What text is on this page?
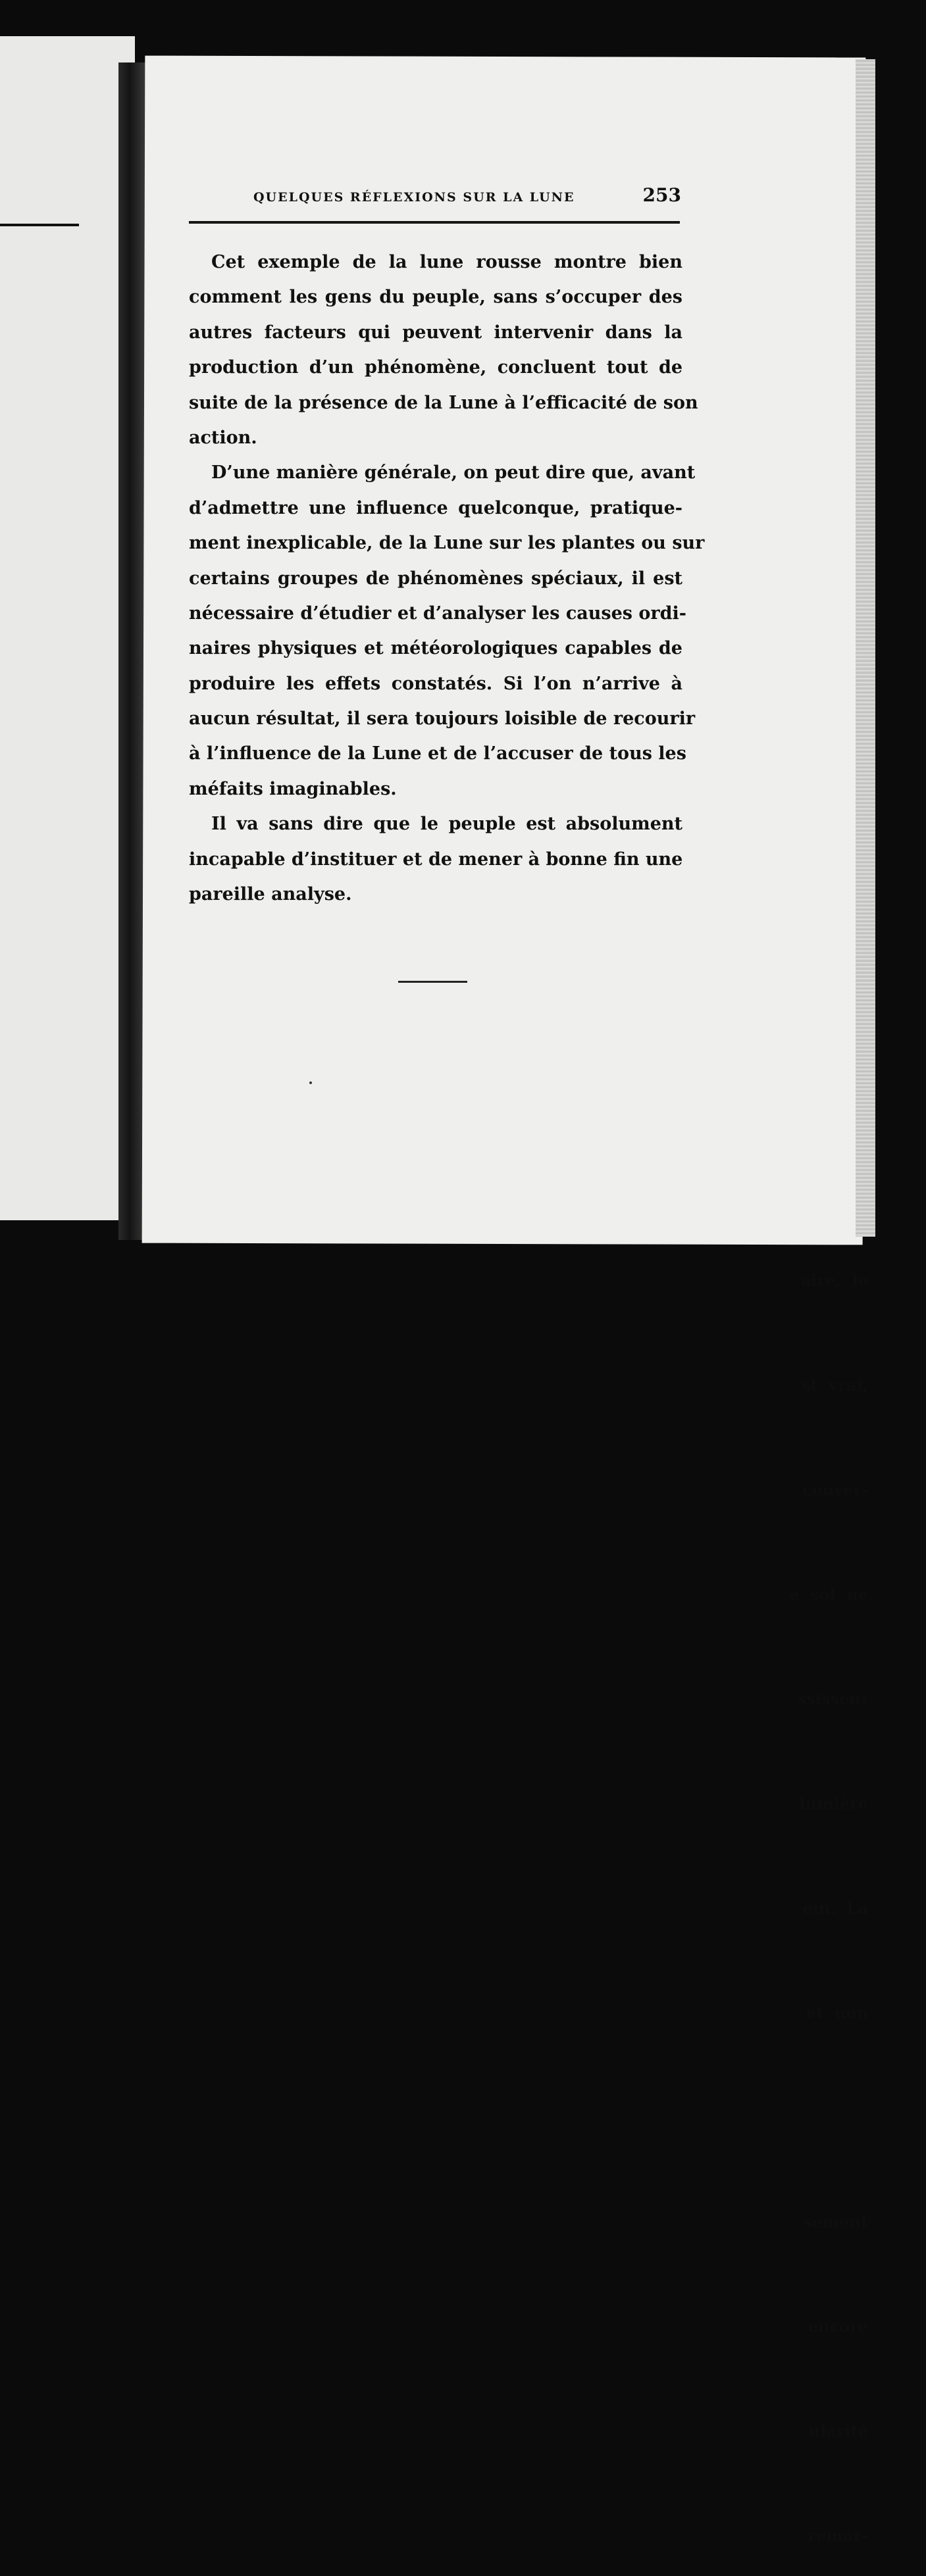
aire,  le

st  vrai,

couver-

e  sol  ne

ssissent

lumière

ein.  La

et  non

sement

encore

ularité

remar-

QUELQUES RÉFLEXIONS SUR LA LUNE	253
Cet exemple de la lune rousse montre bien
comment les gens du peuple, sans s’occuper des
autres facteurs qui peuvent intervenir dans la
production d’un phénomène, concluent tout de
suite de la présence de la Lune à l’efficacité de son
action.
D’une manière générale, on peut dire que, avant
d’admettre une influence quelconque, pratique-
ment inexplicable, de la Lune sur les plantes ou sur
certains groupes de phénomènes spéciaux, il est
nécessaire d’étudier et d’analyser les causes ordi-
naires physiques et météorologiques capables de
produire les effets constatés. Si l’on n’arrive à
aucun résultat, il sera toujours loisible de recourir
à l’influence de la Lune et de l’accuser de tous les
méfaits imaginables.
Il va sans dire que le peuple est absolument
incapable d’instituer et de mener à bonne fin une
pareille analyse.
